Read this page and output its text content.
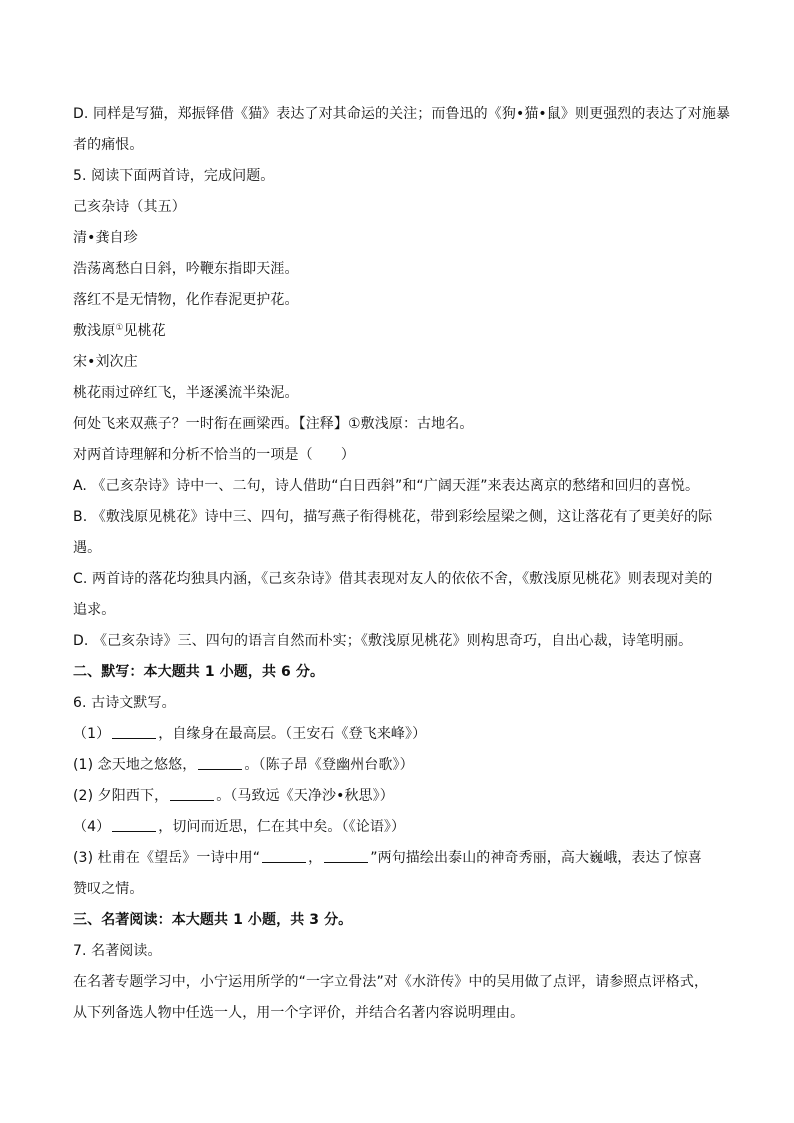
D. 同样是写猫，郑振铎借《猫》表达了对其命运的关注；而鲁迅的《狗•猫•鼠》则更强烈的表达了对施暴
者的痛恨。
5. 阅读下面两首诗，完成问题。
己亥杂诗（其五）
清•龚自珍
浩荡离愁白日斜，吟鞭东指即天涯。
落红不是无情物，化作春泥更护花。
敷浅原①见桃花
宋•刘次庄
桃花雨过碎红飞，半逐溪流半染泥。
何处飞来双燕子？一时衔在画梁西。【注释】①敷浅原：古地名。
对两首诗理解和分析不恰当的一项是（　　）
A. 《己亥杂诗》诗中一、二句，诗人借助“白日西斜”和“广阔天涯”来表达离京的愁绪和回归的喜悦。
B. 《敷浅原见桃花》诗中三、四句，描写燕子衔得桃花，带到彩绘屋梁之侧，这让落花有了更美好的际
遇。
C. 两首诗的落花均独具内涵，《己亥杂诗》借其表现对友人的依依不舍，《敷浅原见桃花》则表现对美的
追求。
D. 《己亥杂诗》三、四句的语言自然而朴实；《敷浅原见桃花》则构思奇巧，自出心裁，诗笔明丽。
二、默写：本大题共 1 小题，共 6 分。
6. 古诗文默写。
（1）	，自缘身在最高层。（王安石《登飞来峰》）
(1) 念天地之悠悠，	。（陈子昂《登幽州台歌》）
(2) 夕阳西下，	。（马致远《天净沙•秋思》）
（4）	，切问而近思，仁在其中矣。（《论语》）
(3) 杜甫在《望岳》一诗中用“	，	”两句描绘出泰山的神奇秀丽，高大巍峨，表达了惊喜
赞叹之情。
三、名著阅读：本大题共 1 小题，共 3 分。
7. 名著阅读。
在名著专题学习中，小宁运用所学的“一字立骨法”对《水浒传》中的吴用做了点评，请参照点评格式，
从下列备选人物中任选一人，用一个字评价，并结合名著内容说明理由。
